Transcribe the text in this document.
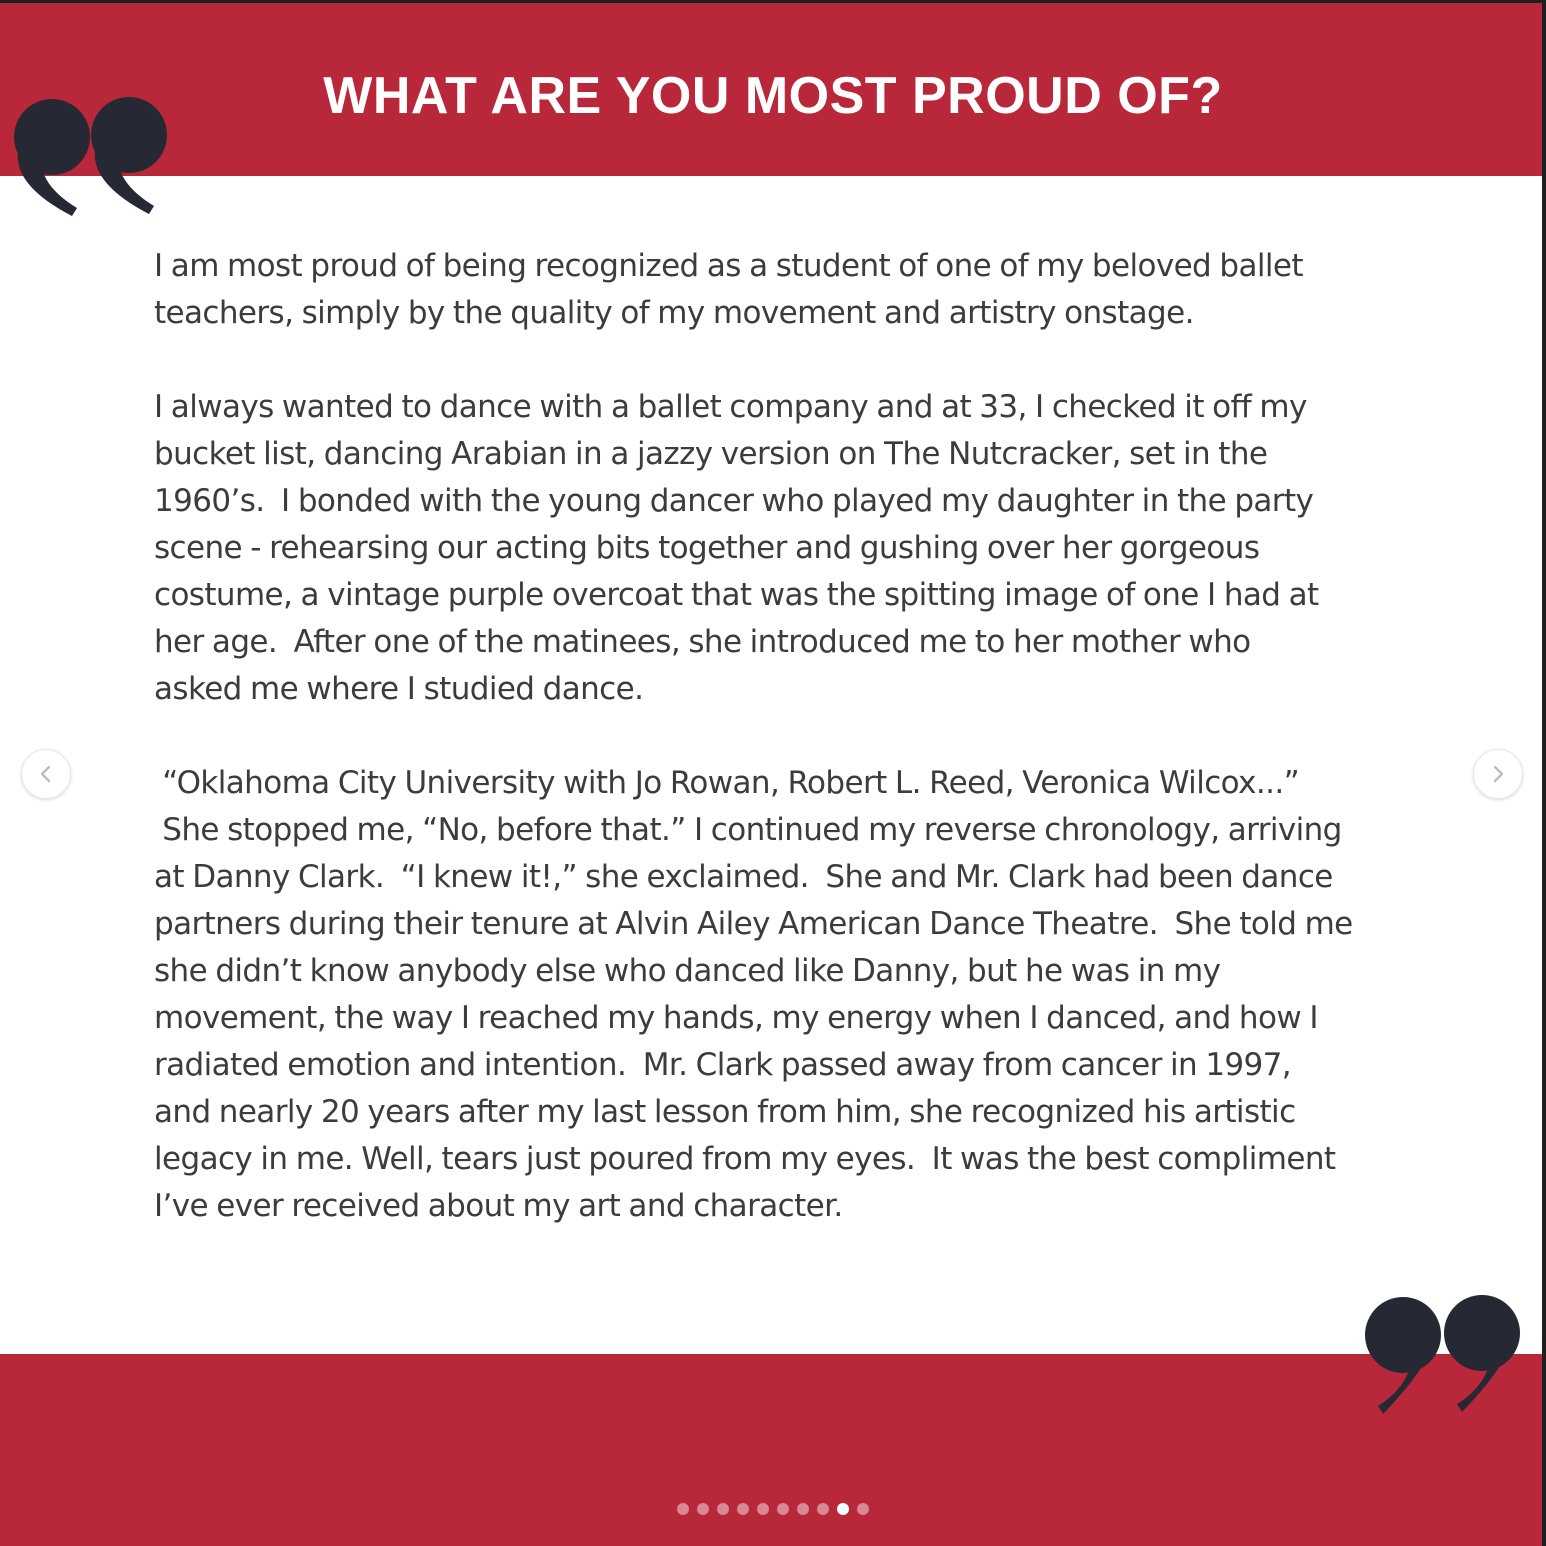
WHAT ARE YOU MOST PROUD OF?

I am most proud of being recognized as a student of one of my beloved ballet
teachers, simply by the quality of my movement and artistry onstage.

I always wanted to dance with a ballet company and at 33, I checked it off my
bucket list, dancing Arabian in a jazzy version on The Nutcracker, set in the
1960’s.  I bonded with the young dancer who played my daughter in the party
scene - rehearsing our acting bits together and gushing over her gorgeous
costume, a vintage purple overcoat that was the spitting image of one I had at
her age.  After one of the matinees, she introduced me to her mother who
asked me where I studied dance.

“Oklahoma City University with Jo Rowan, Robert L. Reed, Veronica Wilcox...”
She stopped me, “No, before that.” I continued my reverse chronology, arriving
at Danny Clark.  “I knew it!,” she exclaimed.  She and Mr. Clark had been dance
partners during their tenure at Alvin Ailey American Dance Theatre.  She told me
she didn’t know anybody else who danced like Danny, but he was in my
movement, the way I reached my hands, my energy when I danced, and how I
radiated emotion and intention.  Mr. Clark passed away from cancer in 1997,
and nearly 20 years after my last lesson from him, she recognized his artistic
legacy in me. Well, tears just poured from my eyes.  It was the best compliment
I’ve ever received about my art and character.
